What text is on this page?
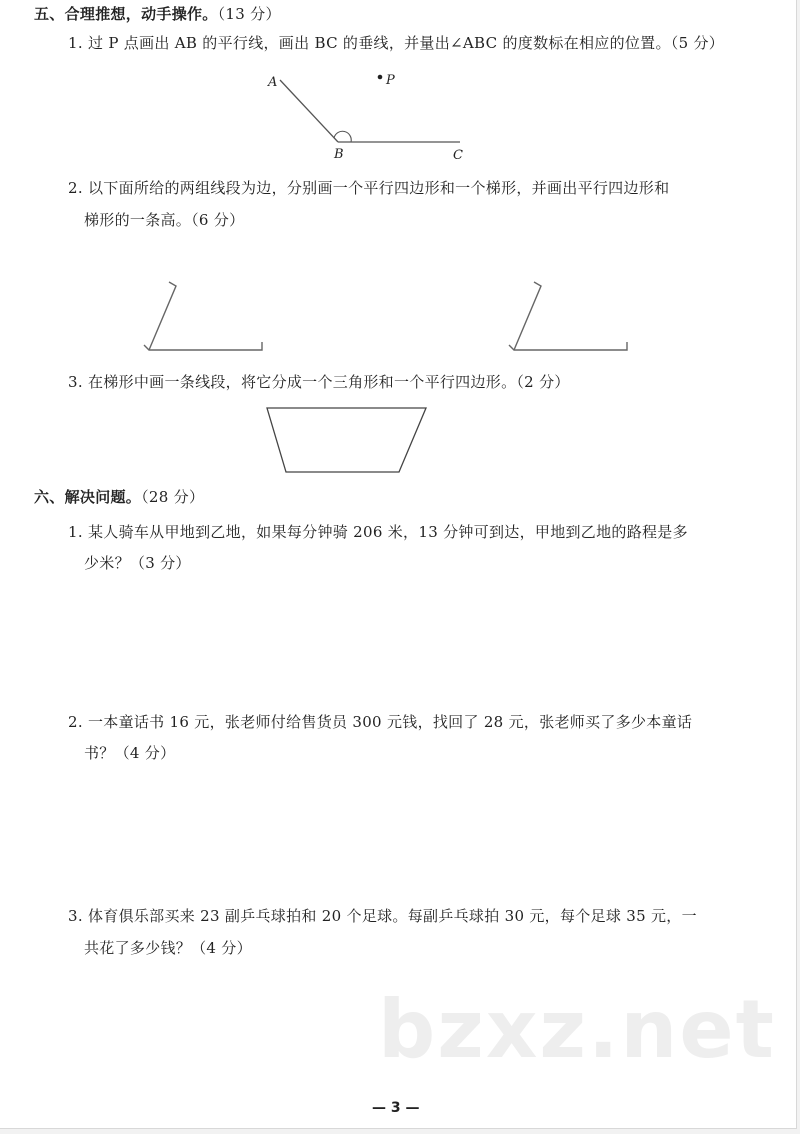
五、合理推想，动手操作。（13 分）
1. 过 P 点画出 AB 的平行线，画出 BC 的垂线，并量出∠ABC 的度数标在相应的位置。（5 分）
A	P
B	C
2. 以下面所给的两组线段为边，分别画一个平行四边形和一个梯形，并画出平行四边形和
梯形的一条高。（6 分）
3. 在梯形中画一条线段，将它分成一个三角形和一个平行四边形。（2 分）
六、解决问题。（28 分）
1. 某人骑车从甲地到乙地，如果每分钟骑 206 米，13 分钟可到达，甲地到乙地的路程是多
少米？（3 分）
2. 一本童话书 16 元，张老师付给售货员 300 元钱，找回了 28 元，张老师买了多少本童话
书？（4 分）
3. 体育俱乐部买来 23 副乒乓球拍和 20 个足球。每副乒乓球拍 30 元，每个足球 35 元，一
共花了多少钱？（4 分）
bzxz.net
— 3 —
